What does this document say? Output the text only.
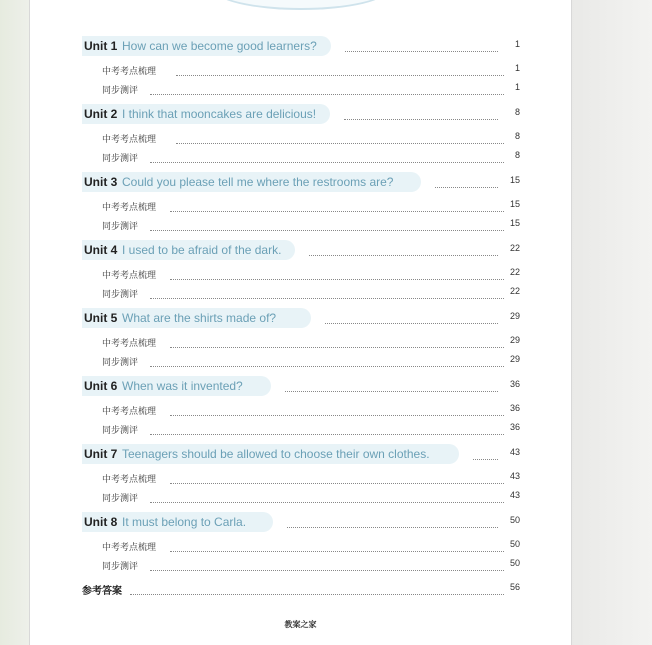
Unit 1 How can we become good learners?	1
中考考点梳理	1
同步测评	1
Unit 2 I think that mooncakes are delicious!	8
中考考点梳理	8
同步测评	8
Unit 3 Could you please tell me where the restrooms are?	15
中考考点梳理	15
同步测评	15
Unit 4 I used to be afraid of the dark.	22
中考考点梳理	22
同步测评	22
Unit 5 What are the shirts made of?	29
中考考点梳理	29
同步测评	29
Unit 6 When was it invented?	36
中考考点梳理	36
同步测评	36
Unit 7 Teenagers should be allowed to choose their own clothes.	43
中考考点梳理	43
同步测评	43
Unit 8 It must belong to Carla.	50
中考考点梳理	50
同步测评	50
参考答案	56
教案之家
